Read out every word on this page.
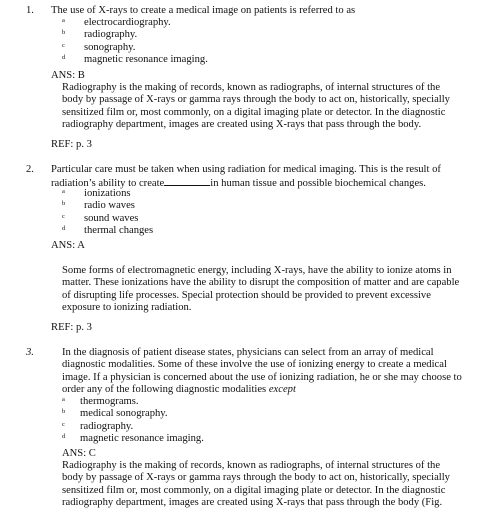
1. The use of X-rays to create a medical image on patients is referred to as
a electrocardiography.
b radiography.
c sonography.
d magnetic resonance imaging.
ANS: B
Radiography is the making of records, known as radiographs, of internal structures of the body by passage of X-rays or gamma rays through the body to act on, historically, specially sensitized film or, most commonly, on a digital imaging plate or detector. In the diagnostic radiography department, images are created using X-rays that pass through the body.
REF: p. 3
2. Particular care must be taken when using radiation for medical imaging. This is the result of radiation’s ability to create	in human tissue and possible biochemical changes.
a ionizations
b radio waves
c sound waves
d thermal changes
ANS: A
Some forms of electromagnetic energy, including X-rays, have the ability to ionize atoms in matter. These ionizations have the ability to disrupt the composition of matter and are capable of disrupting life processes. Special protection should be provided to prevent excessive exposure to ionizing radiation.
REF: p. 3
3.	In the diagnosis of patient disease states, physicians can select from an array of medical diagnostic modalities. Some of these involve the use of ionizing energy to create a medical image. If a physician is concerned about the use of ionizing radiation, he or she may choose to order any of the following diagnostic modalities except
a thermograms.
b medical sonography.
c radiography.
d magnetic resonance imaging.
ANS: C
Radiography is the making of records, known as radiographs, of internal structures of the body by passage of X-rays or gamma rays through the body to act on, historically, specially sensitized film or, most commonly, on a digital imaging plate or detector. In the diagnostic radiography department, images are created using X-rays that pass through the body (Fig.
